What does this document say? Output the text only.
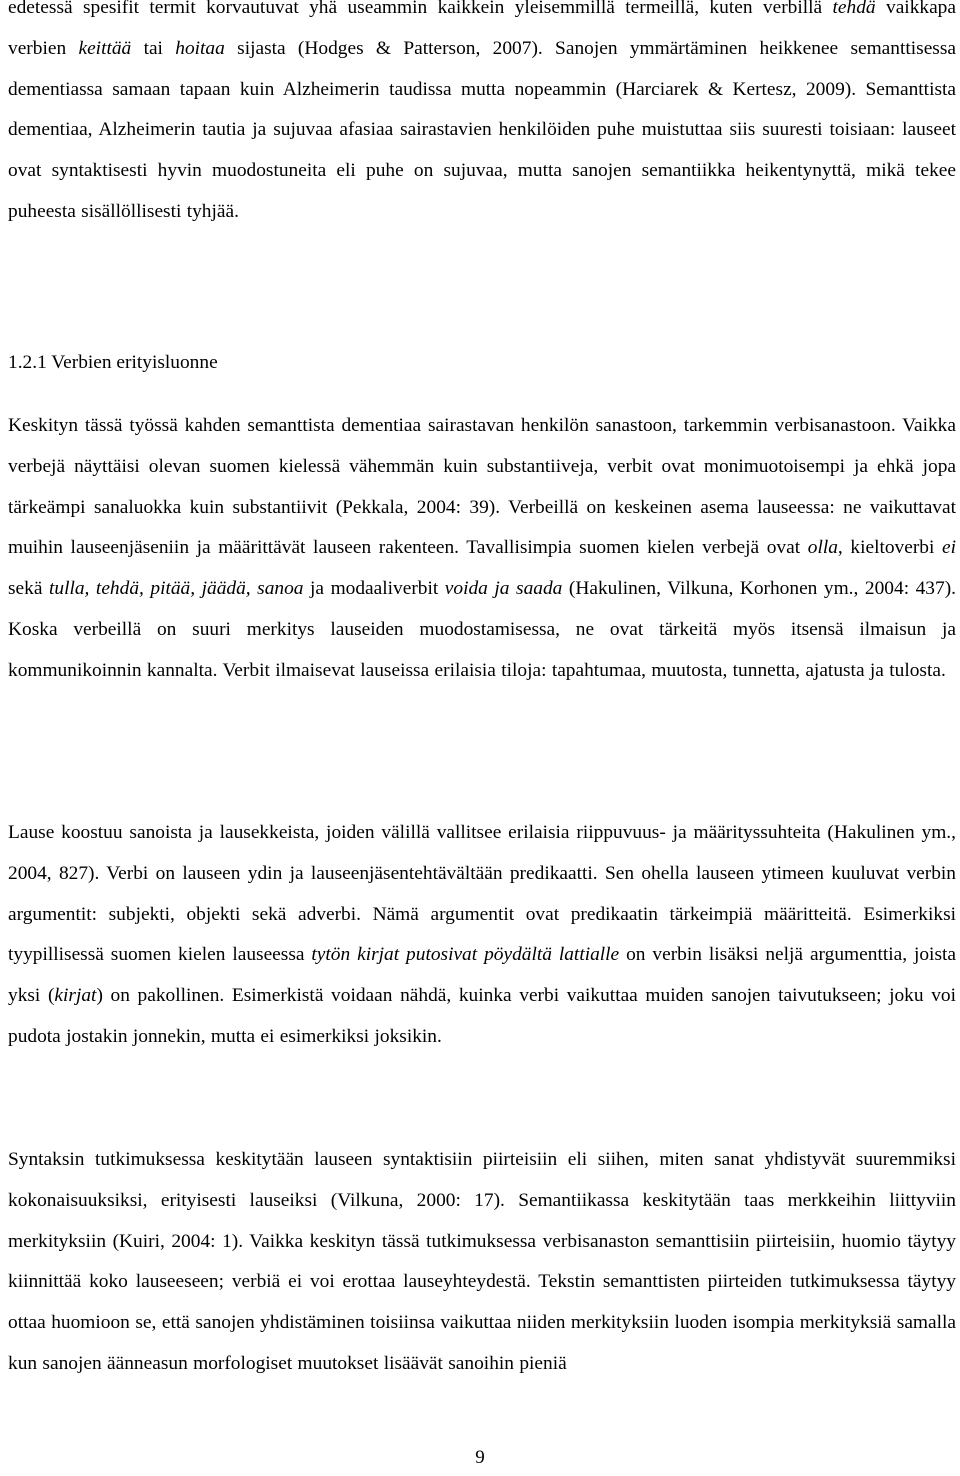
edetessä spesifit termit korvautuvat yhä useammin kaikkein yleisemmillä termeillä, kuten verbillä tehdä vaikkapa verbien keittää tai hoitaa sijasta (Hodges & Patterson, 2007). Sanojen ymmärtäminen heikkenee semanttisessa dementiassa samaan tapaan kuin Alzheimerin taudissa mutta nopeammin (Harciarek & Kertesz, 2009). Semanttista dementiaa, Alzheimerin tautia ja sujuvaa afasiaa sairastavien henkilöiden puhe muistuttaa siis suuresti toisiaan: lauseet ovat syntaktisesti hyvin muodostuneita eli puhe on sujuvaa, mutta sanojen semantiikka heikentynyttä, mikä tekee puheesta sisällöllisesti tyhjää.

1.2.1 Verbien erityisluonne

Keskityn tässä työssä kahden semanttista dementiaa sairastavan henkilön sanastoon, tarkemmin verbisanastoon. Vaikka verbejä näyttäisi olevan suomen kielessä vähemmän kuin substantiiveja, verbit ovat monimuotoisempi ja ehkä jopa tärkeämpi sanaluokka kuin substantiivit (Pekkala, 2004: 39). Verbeillä on keskeinen asema lauseessa: ne vaikuttavat muihin lauseenjäseniin ja määrittävät lauseen rakenteen. Tavallisimpia suomen kielen verbejä ovat olla, kieltoverbi ei sekä tulla, tehdä, pitää, jäädä, sanoa ja modaaliverbit voida ja saada (Hakulinen, Vilkuna, Korhonen ym., 2004: 437). Koska verbeillä on suuri merkitys lauseiden muodostamisessa, ne ovat tärkeitä myös itsensä ilmaisun ja kommunikoinnin kannalta. Verbit ilmaisevat lauseissa erilaisia tiloja: tapahtumaa, muutosta, tunnetta, ajatusta ja tulosta.

Lause koostuu sanoista ja lausekkeista, joiden välillä vallitsee erilaisia riippuvuus- ja määrityssuhteita (Hakulinen ym., 2004, 827). Verbi on lauseen ydin ja lauseenjäsentehtävältään predikaatti. Sen ohella lauseen ytimeen kuuluvat verbin argumentit: subjekti, objekti sekä adverbi. Nämä argumentit ovat predikaatin tärkeimpiä määritteitä. Esimerkiksi tyypillisessä suomen kielen lauseessa tytön kirjat putosivat pöydältä lattialle on verbin lisäksi neljä argumenttia, joista yksi (kirjat) on pakollinen. Esimerkistä voidaan nähdä, kuinka verbi vaikuttaa muiden sanojen taivutukseen; joku voi pudota jostakin jonnekin, mutta ei esimerkiksi joksikin.

Syntaksin tutkimuksessa keskitytään lauseen syntaktisiin piirteisiin eli siihen, miten sanat yhdistyvät suuremmiksi kokonaisuuksiksi, erityisesti lauseiksi (Vilkuna, 2000: 17). Semantiikassa keskitytään taas merkkeihin liittyviin merkityksiin (Kuiri, 2004: 1). Vaikka keskityn tässä tutkimuksessa verbisanaston semanttisiin piirteisiin, huomio täytyy kiinnittää koko lauseeseen; verbiä ei voi erottaa lauseyhteydestä. Tekstin semanttisten piirteiden tutkimuksessa täytyy ottaa huomioon se, että sanojen yhdistäminen toisiinsa vaikuttaa niiden merkityksiin luoden isompia merkityksiä samalla kun sanojen äänneasun morfologiset muutokset lisäävät sanoihin pieniä

9
